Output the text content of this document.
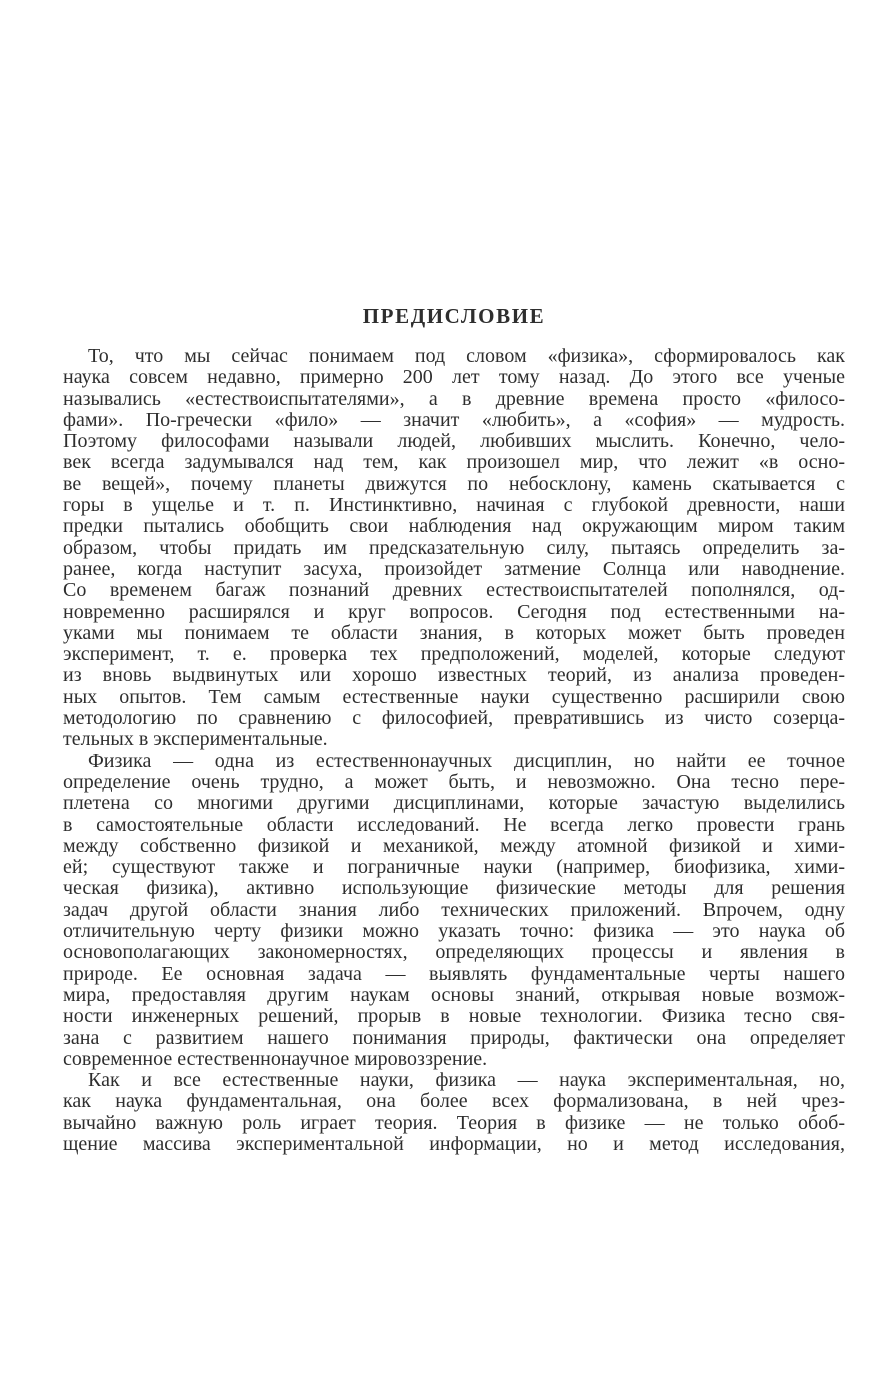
ПРЕДИСЛОВИЕ
То, что мы сейчас понимаем под словом «физика», сформировалось как
наука совсем недавно, примерно 200 лет тому назад. До этого все ученые
назывались «естествоиспытателями», а в древние времена просто «филосо-
фами». По-гречески «фило» — значит «любить», а «софия» — мудрость.
Поэтому философами называли людей, любивших мыслить. Конечно, чело-
век всегда задумывался над тем, как произошел мир, что лежит «в осно-
ве вещей», почему планеты движутся по небосклону, камень скатывается с
горы в ущелье и т. п. Инстинктивно, начиная с глубокой древности, наши
предки пытались обобщить свои наблюдения над окружающим миром таким
образом, чтобы придать им предсказательную силу, пытаясь определить за-
ранее, когда наступит засуха, произойдет затмение Солнца или наводнение.
Со временем багаж познаний древних естествоиспытателей пополнялся, од-
новременно расширялся и круг вопросов. Сегодня под естественными на-
уками мы понимаем те области знания, в которых может быть проведен
эксперимент, т. е. проверка тех предположений, моделей, которые следуют
из вновь выдвинутых или хорошо известных теорий, из анализа проведен-
ных опытов. Тем самым естественные науки существенно расширили свою
методологию по сравнению с философией, превратившись из чисто созерца-
тельных в экспериментальные.
Физика — одна из естественнонаучных дисциплин, но найти ее точное
определение очень трудно, а может быть, и невозможно. Она тесно пере-
плетена со многими другими дисциплинами, которые зачастую выделились
в самостоятельные области исследований. Не всегда легко провести грань
между собственно физикой и механикой, между атомной физикой и хими-
ей; существуют также и пограничные науки (например, биофизика, хими-
ческая физика), активно использующие физические методы для решения
задач другой области знания либо технических приложений. Впрочем, одну
отличительную черту физики можно указать точно: физика — это наука об
основополагающих закономерностях, определяющих процессы и явления в
природе. Ее основная задача — выявлять фундаментальные черты нашего
мира, предоставляя другим наукам основы знаний, открывая новые возмож-
ности инженерных решений, прорыв в новые технологии. Физика тесно свя-
зана с развитием нашего понимания природы, фактически она определяет
современное естественнонаучное мировоззрение.
Как и все естественные науки, физика — наука экспериментальная, но,
как наука фундаментальная, она более всех формализована, в ней чрез-
вычайно важную роль играет теория. Теория в физике — не только обоб-
щение массива экспериментальной информации, но и метод исследования,
